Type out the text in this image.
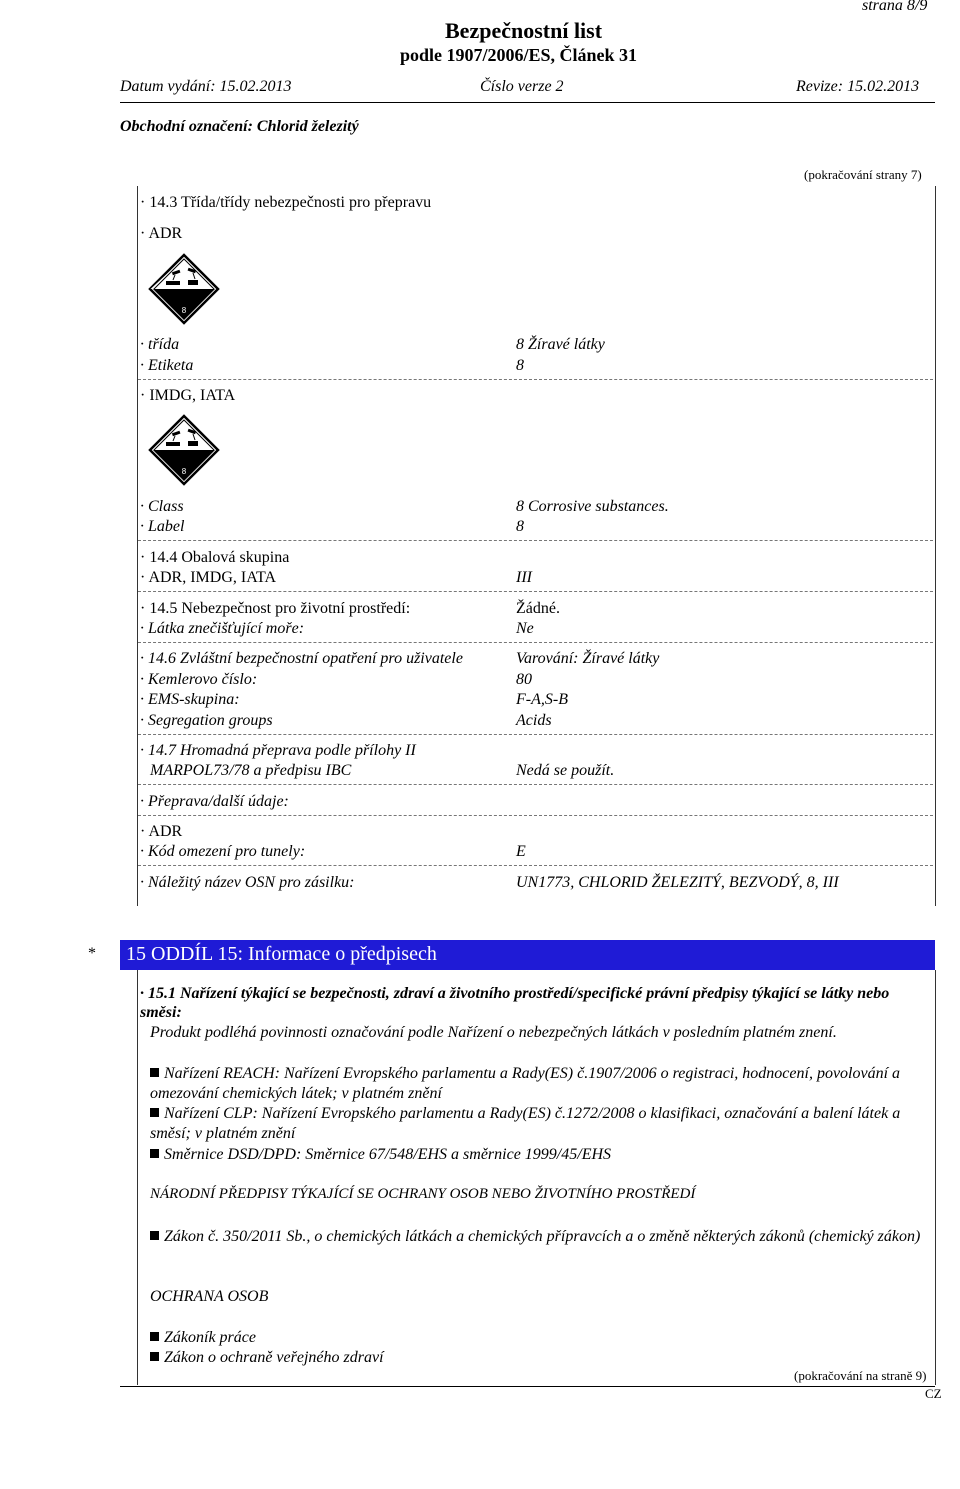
strana 8/9
Bezpečnostní list
podle 1907/2006/ES, Článek 31
Datum vydání: 15.02.2013	Číslo verze 2	Revize: 15.02.2013
Obchodní označení: Chlorid železitý
(pokračování strany 7)
· 14.3 Třída/třídy nebezpečnosti pro přepravu
· ADR
8
· třída	8 Žíravé látky
· Etiketa	8
· IMDG, IATA
8
· Class	8 Corrosive substances.
· Label	8
· 14.4 Obalová skupina
· ADR, IMDG, IATA	III
· 14.5 Nebezpečnost pro životní prostředí:	Žádné.
· Látka znečišťující moře:	Ne
· 14.6 Zvláštní bezpečnostní opatření pro uživatele	Varování: Žíravé látky
· Kemlerovo číslo:	80
· EMS-skupina:	F-A,S-B
· Segregation groups	Acids
· 14.7 Hromadná přeprava podle přílohy II
MARPOL73/78 a předpisu IBC	Nedá se použít.
· Přeprava/další údaje:
· ADR
· Kód omezení pro tunely:	E
· Náležitý název OSN pro zásilku:	UN1773, CHLORID ŽELEZITÝ, BEZVODÝ, 8, III
* 15 ODDÍL 15: Informace o předpisech
· 15.1 Nařízení týkající se bezpečnosti, zdraví a životního prostředí/specifické právní předpisy týkající se látky nebo směsi:
Produkt podléhá povinnosti označování podle Nařízení o nebezpečných látkách v posledním platném znení.
Nařízení REACH: Nařízení Evropského parlamentu a Rady(ES) č.1907/2006 o registraci, hodnocení, povolování a omezování chemických látek; v platném znění
Nařízení CLP: Nařízení Evropského parlamentu a Rady(ES) č.1272/2008 o klasifikaci, označování a balení látek a směsí; v platném znění
Směrnice DSD/DPD: Směrnice 67/548/EHS a směrnice 1999/45/EHS
NÁRODNÍ PŘEDPISY TÝKAJÍCÍ SE OCHRANY OSOB NEBO ŽIVOTNÍHO PROSTŘEDÍ
Zákon č. 350/2011 Sb., o chemických látkách a chemických přípravcích a o změně některých zákonů (chemický zákon)
OCHRANA OSOB
Zákoník práce
Zákon o ochraně veřejného zdraví
(pokračování na straně 9)
CZ
